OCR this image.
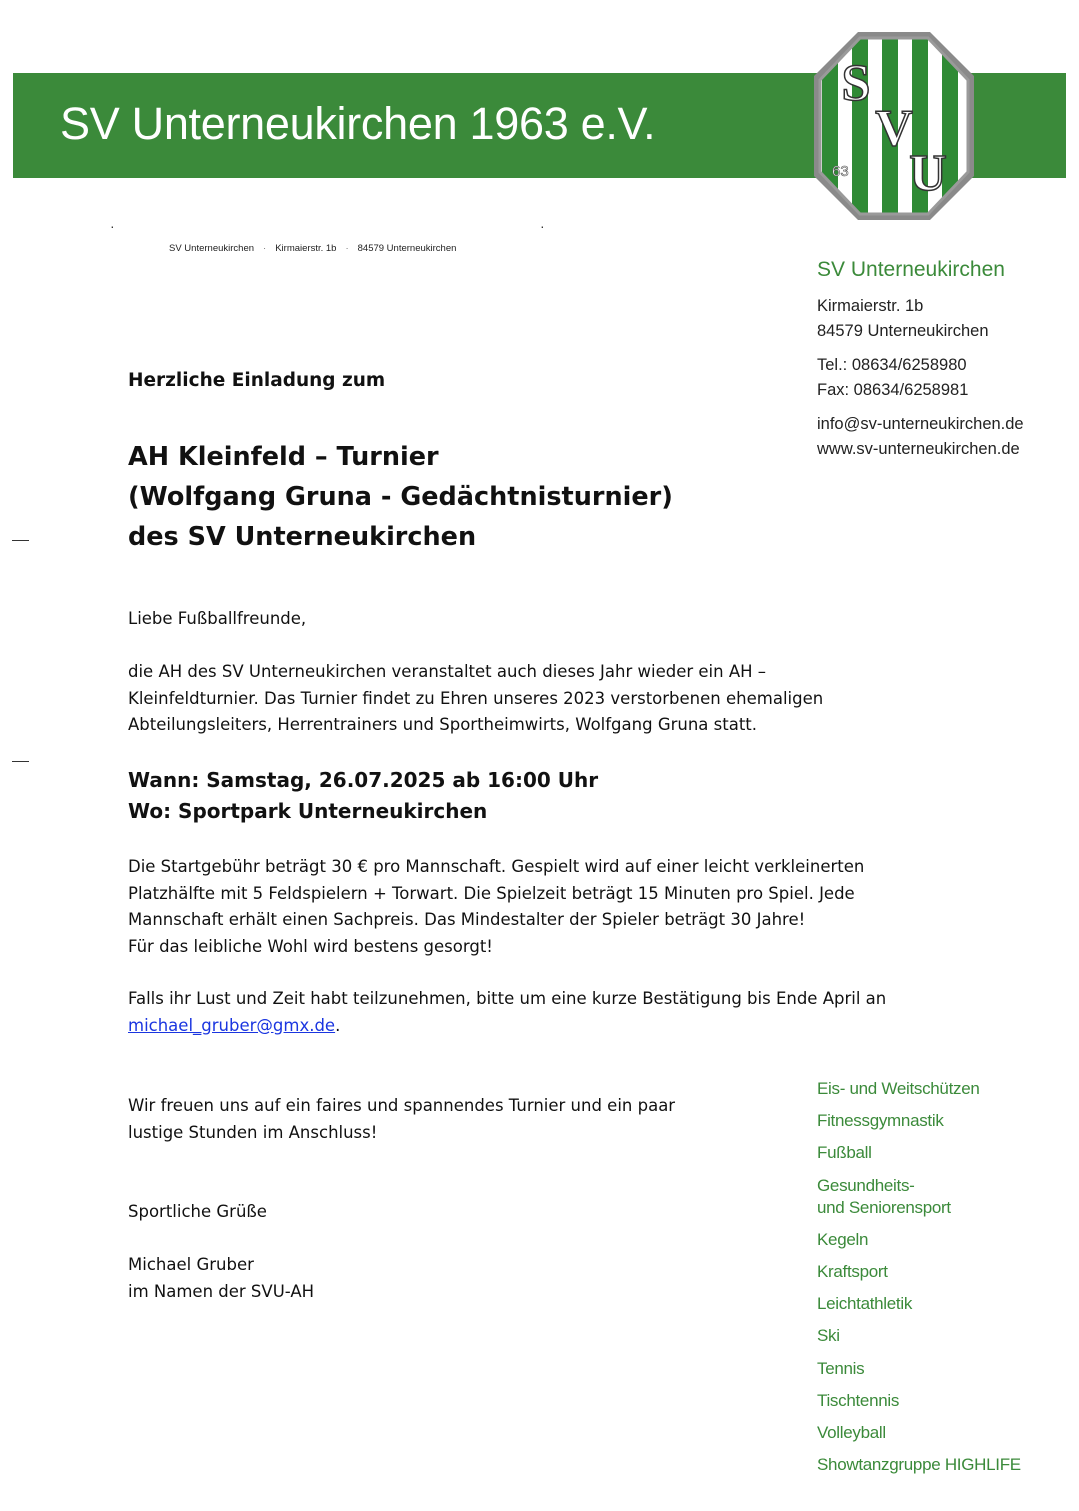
SV Unterneukirchen 1963 e.V.
S
V
U
63
·	·
SV Unterneukirchen · Kirmaierstr. 1b · 84579 Unterneukirchen
SV Unterneukirchen
Kirmaierstr. 1b
84579 Unterneukirchen
Tel.: 08634/6258980
Fax: 08634/6258981
info@sv-unterneukirchen.de
www.sv-unterneukirchen.de
Herzliche Einladung zum
AH Kleinfeld – Turnier
(Wolfgang Gruna - Gedächtnisturnier)
des SV Unterneukirchen
Liebe Fußballfreunde,
die AH des SV Unterneukirchen veranstaltet auch dieses Jahr wieder ein AH –
Kleinfeldturnier. Das Turnier findet zu Ehren unseres 2023 verstorbenen ehemaligen
Abteilungsleiters, Herrentrainers und Sportheimwirts, Wolfgang Gruna statt.
Wann: Samstag, 26.07.2025 ab 16:00 Uhr
Wo: Sportpark Unterneukirchen
Die Startgebühr beträgt 30 € pro Mannschaft. Gespielt wird auf einer leicht verkleinerten
Platzhälfte mit 5 Feldspielern + Torwart. Die Spielzeit beträgt 15 Minuten pro Spiel. Jede
Mannschaft erhält einen Sachpreis. Das Mindestalter der Spieler beträgt 30 Jahre!
Für das leibliche Wohl wird bestens gesorgt!
Falls ihr Lust und Zeit habt teilzunehmen, bitte um eine kurze Bestätigung bis Ende April an
michael_gruber@gmx.de.
Wir freuen uns auf ein faires und spannendes Turnier und ein paar
lustige Stunden im Anschluss!
Sportliche Grüße
Michael Gruber
im Namen der SVU-AH
Eis- und Weitschützen
Fitnessgymnastik
Fußball
Gesundheits-
und Seniorensport
Kegeln
Kraftsport
Leichtathletik
Ski
Tennis
Tischtennis
Volleyball
Showtanzgruppe HIGHLIFE
